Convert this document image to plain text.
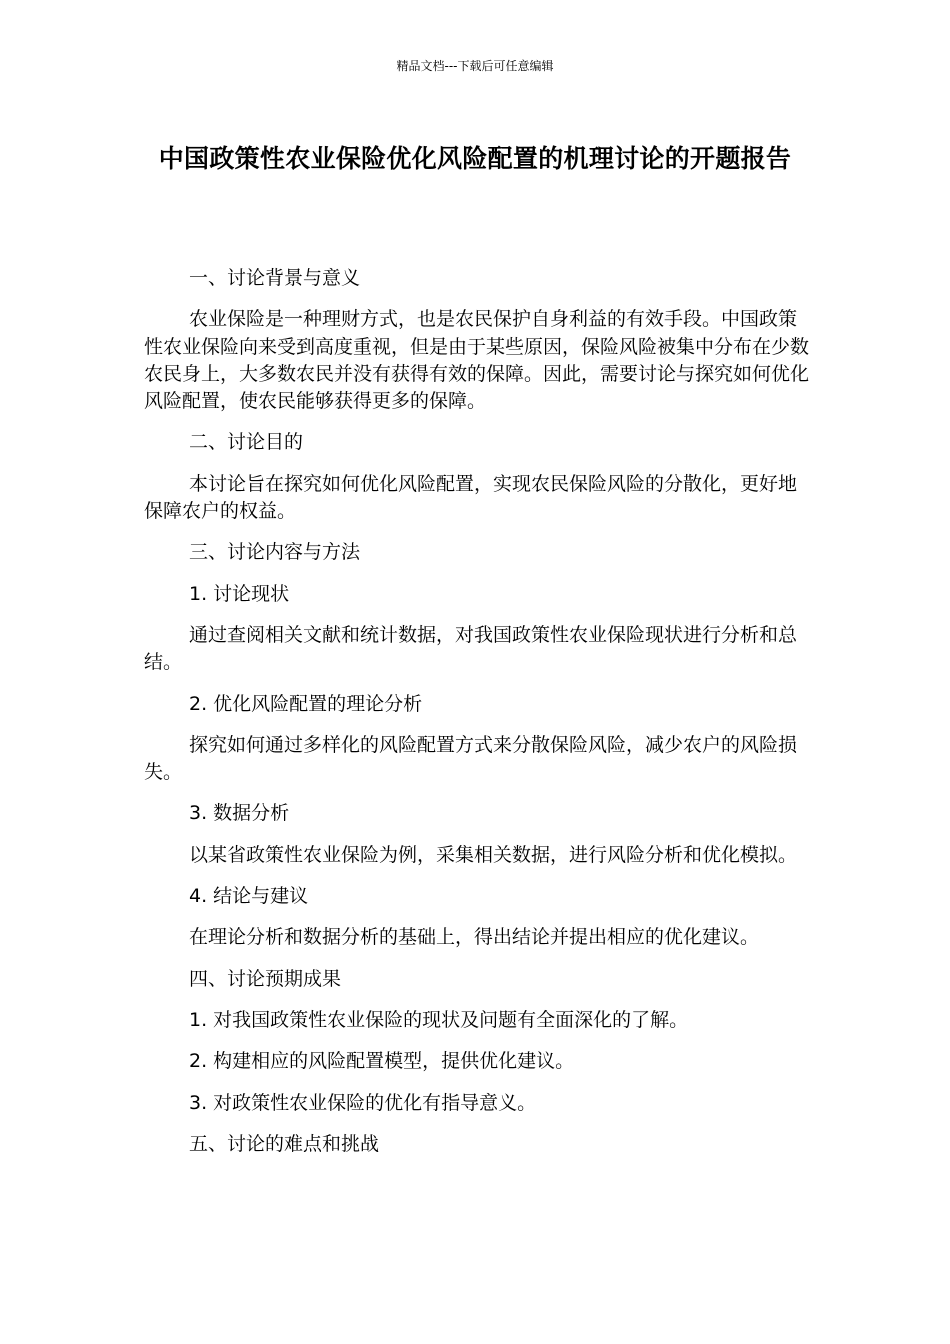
精品文档---下载后可任意编辑
中国政策性农业保险优化风险配置的机理讨论的开题报告

一、讨论背景与意义

农业保险是一种理财方式，也是农民保护自身利益的有效手段。中国政策性农业保险向来受到高度重视，但是由于某些原因，保险风险被集中分布在少数农民身上，大多数农民并没有获得有效的保障。因此，需要讨论与探究如何优化风险配置，使农民能够获得更多的保障。

二、讨论目的

本讨论旨在探究如何优化风险配置，实现农民保险风险的分散化，更好地保障农户的权益。

三、讨论内容与方法

1. 讨论现状

通过查阅相关文献和统计数据，对我国政策性农业保险现状进行分析和总结。

2. 优化风险配置的理论分析

探究如何通过多样化的风险配置方式来分散保险风险，减少农户的风险损失。

3. 数据分析

以某省政策性农业保险为例，采集相关数据，进行风险分析和优化模拟。

4. 结论与建议

在理论分析和数据分析的基础上，得出结论并提出相应的优化建议。

四、讨论预期成果

1. 对我国政策性农业保险的现状及问题有全面深化的了解。

2. 构建相应的风险配置模型，提供优化建议。

3. 对政策性农业保险的优化有指导意义。

五、讨论的难点和挑战
